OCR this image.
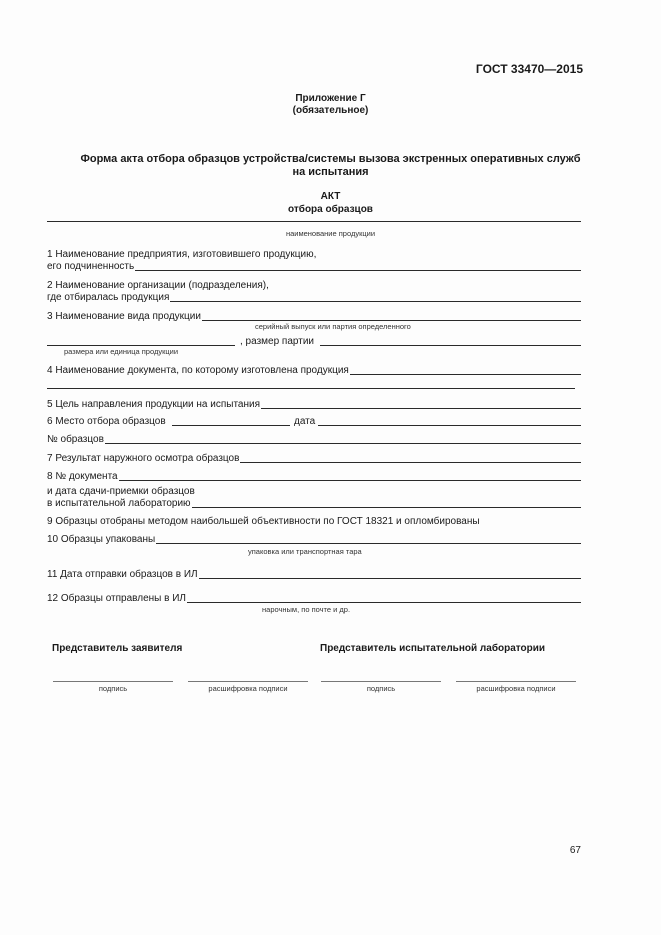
ГОСТ 33470—2015
Приложение Г
(обязательное)
Форма акта отбора образцов устройства/системы вызова экстренных оперативных служб
на испытания
АКТ
отбора образцов
наименование продукции
1 Наименование предприятия, изготовившего продукцию,
его подчиненность
2 Наименование организации (подразделения),
где отбиралась продукция
3 Наименование вида продукции
серийный выпуск или партия определенного
, размер партии
размера или единица продукции
4 Наименование документа, по которому изготовлена продукция
5 Цель направления продукции на испытания
6 Место отбора образцов	дата
№ образцов
7 Результат наружного осмотра образцов
8 № документа
и дата сдачи-приемки образцов
в испытательной лабораторию
9 Образцы отобраны методом наибольшей объективности по ГОСТ 18321 и опломбированы
10 Образцы упакованы
упаковка или транспортная тара
11 Дата отправки образцов в ИЛ
12 Образцы отправлены в ИЛ
нарочным, по почте и др.
Представитель заявителя	Представитель испытательной лаборатории
подпись	расшифровка подписи	подпись	расшифровка подписи
67
